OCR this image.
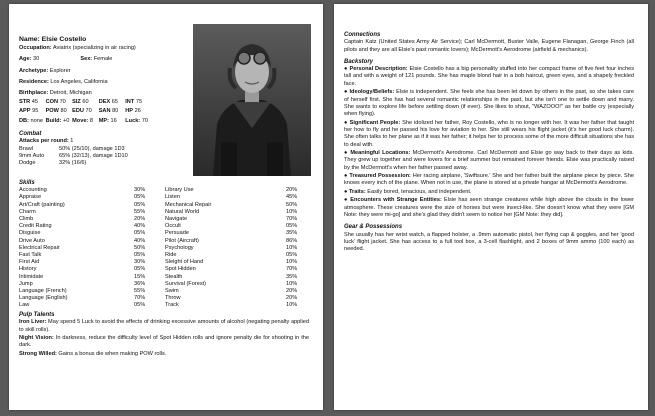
Name: Elsie Costello
Occupation: Aviatrix (specializing in air racing)
Age: 30	Sex: Female
Archetype: Explorer
Residence: Los Angeles, California
Birthplace: Detroit, Michigan
STR 45 CON 70 SIZ 60 DEX 65 INT 75
APP 95 POW 80 EDU 70 SAN 80 HP 26
DB: none Build: +0 Move: 8 MP: 16 Luck: 70
Combat
Attacks per round: 1
Brawl	50% (25/10), damage 1D3
9mm Auto	65% (32/13), damage 1D10
Dodge	32% (16/6)
Skills
Accounting	30%
Appraise	05%
Art/Craft (painting)	05%
Charm	55%
Climb	20%
Credit Rating	40%
Disguise	05%
Drive Auto	40%
Electrical Repair	50%
Fast Talk	05%
First Aid	30%
History	05%
Intimidate	15%
Jump	36%
Language (French)	55%
Language (English)	70%
Law	05%
Library Use	20%
Listen	45%
Mechanical Repair	50%
Natural World	10%
Navigate	70%
Occult	05%
Persuade	35%
Pilot (Aircraft)	86%
Psychology	10%
Ride	05%
Sleight of Hand	10%
Spot Hidden	70%
Stealth	35%
Survival (Forest)	10%
Swim	20%
Throw	20%
Track	10%
Pulp Talents

Iron Liver: May spend 5 Luck to avoid the effects of drinking excessive amounts of alcohol (negating penalty applied to skill rolls).

Night Vision: In darkness, reduce the difficulty level of Spot Hidden rolls and ignore penalty die for shooting in the dark.

Strong Willed: Gains a bonus die when making POW rolls.

Connections

Captain Katz (United States Army Air Service); Carl McDermott, Buster Valle, Eugene Flanagan, George Finch (all pilots and they are all Elsie's past romantic lovers); McDermott's Aerodrome (airfield & mechanics).

Backstory

● Personal Description: Elsie Costello has a big personality stuffed into her compact frame of five feet four inches tall and with a weight of 121 pounds. She has maple blond hair in a bob haircut, green eyes, and a shapely freckled face.

● Ideology/Beliefs: Elsie is independent. She feels she has been let down by others in the past, so she takes care of herself first. She has had several romantic relationships in the past, but she isn't one to settle down and marry. She wants to explore life before settling down (if ever). She likes to shout, "WAZOOO!" as her battle cry (especially when flying).

● Significant People: She idolized her father, Roy Costello, who is no longer with her. It was her father that taught her how to fly and he passed his love for aviation to her. She still wears his flight jacket (it's her good luck charm). She often talks to her plane as if it was her father; it helps her to process some of the more difficult situations she has to deal with.

● Meaningful Locations: McDermott's Aerodrome. Carl McDermott and Elsie go way back to their days as kids. They grew up together and were lovers for a brief summer but remained forever friends. Elsie was practically raised by the McDermott's when her father passed away.

● Treasured Possession: Her racing airplane, 'Swiftsure.' She and her father built the airplane piece by piece. She knows every inch of the plane. When not in use, the plane is stored at a private hangar at McDermott's Aerodrome.

● Traits: Easily bored, tenacious, and independent.

● Encounters with Strange Entities: Elsie has seen strange creatures while high above the clouds in the lower atmosphere. These creatures were the size of horses but were insect-like. She doesn't know what they were [GM Note: they were mi-go] and she's glad they didn't seem to notice her [GM Note: they did].

Gear & Possessions

She usually has her wrist watch, a flapped holster, a .9mm automatic pistol, her flying cap & goggles, and her 'good luck' flight jacket. She has access to a full tool box, a 3-cell flashlight, and 2 boxes of 9mm ammo (100 each) as needed.
